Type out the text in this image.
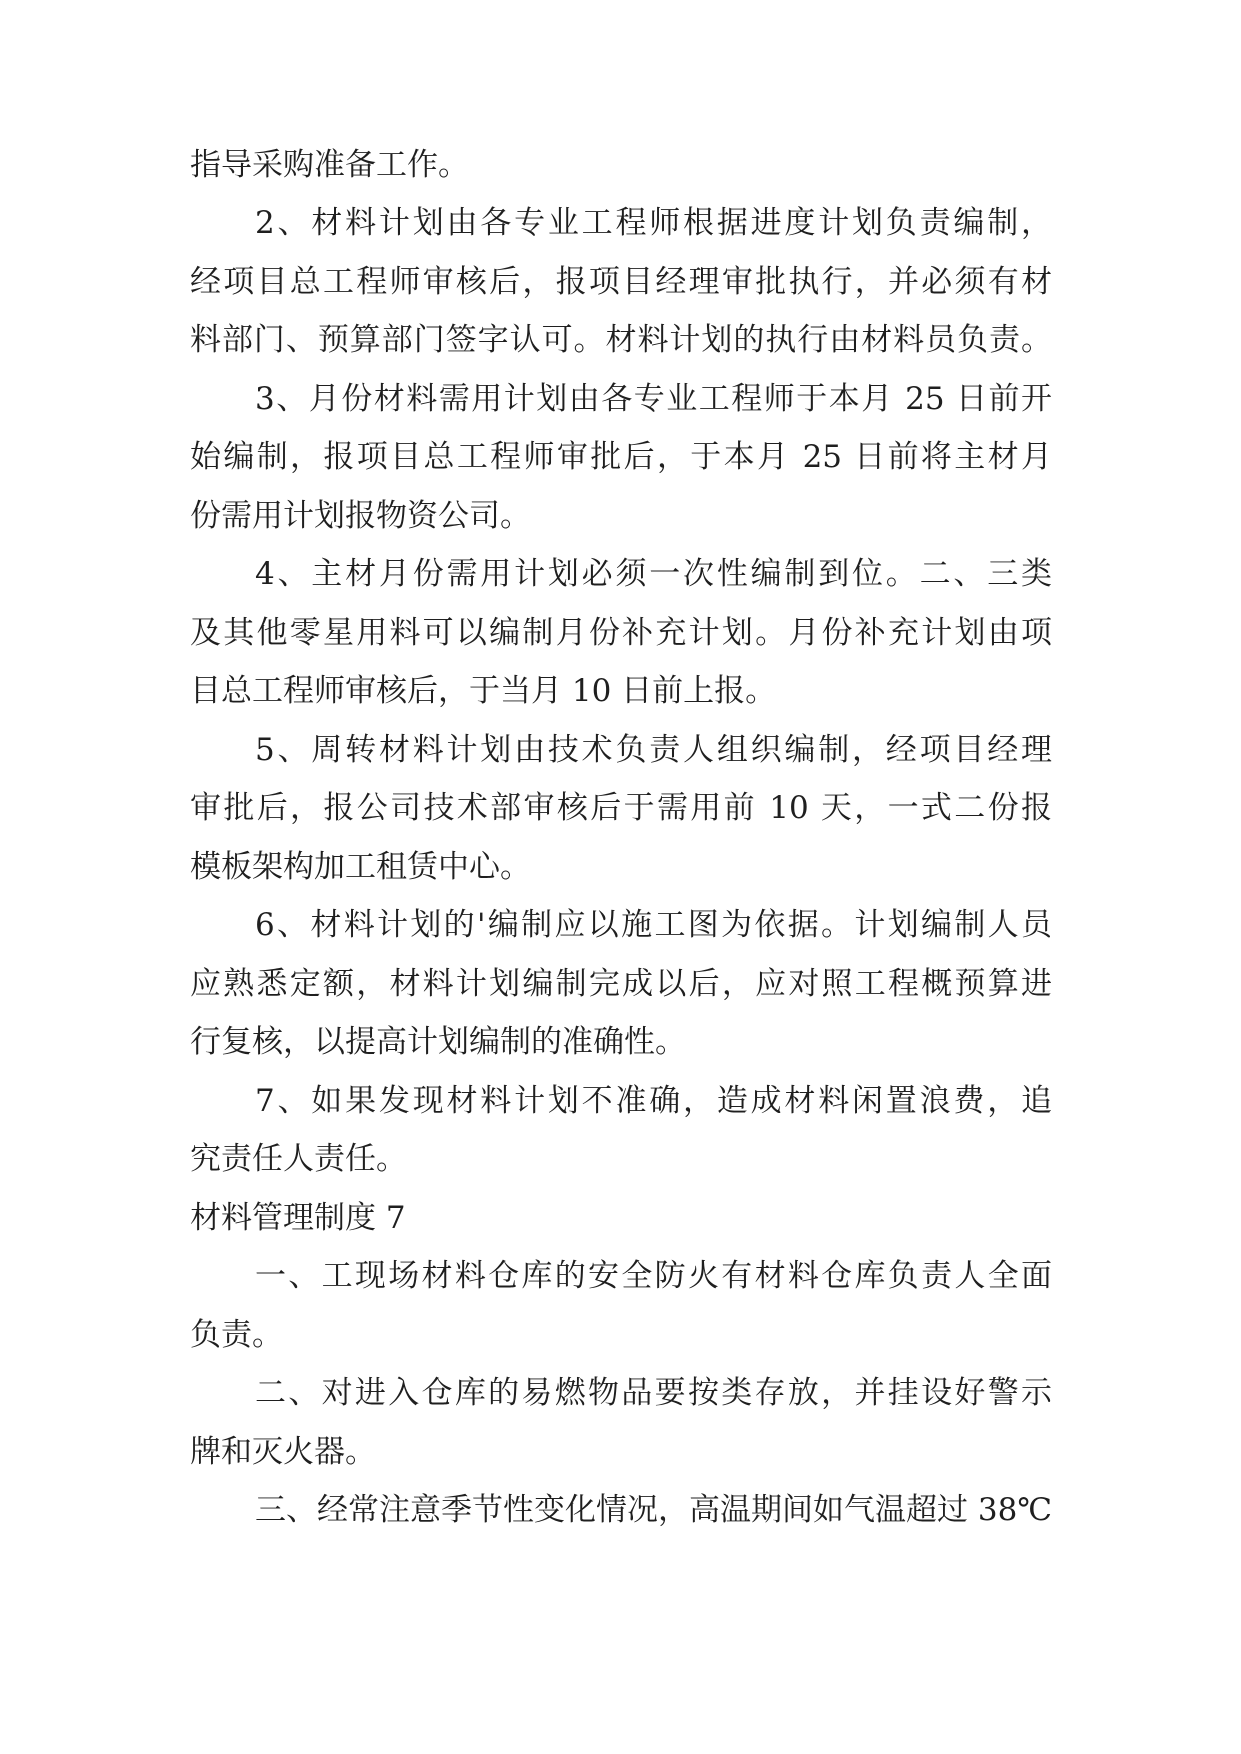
指导采购准备工作。
2、材料计划由各专业工程师根据进度计划负责编制，
经项目总工程师审核后，报项目经理审批执行，并必须有材
料部门、预算部门签字认可。材料计划的执行由材料员负责。
3、月份材料需用计划由各专业工程师于本月 25 日前开
始编制，报项目总工程师审批后，于本月 25 日前将主材月
份需用计划报物资公司。
4、主材月份需用计划必须一次性编制到位。二、三类
及其他零星用料可以编制月份补充计划。月份补充计划由项
目总工程师审核后，于当月 10 日前上报。
5、周转材料计划由技术负责人组织编制，经项目经理
审批后，报公司技术部审核后于需用前 10 天，一式二份报
模板架构加工租赁中心。
6、材料计划的'编制应以施工图为依据。计划编制人员
应熟悉定额，材料计划编制完成以后，应对照工程概预算进
行复核，以提高计划编制的准确性。
7、如果发现材料计划不准确，造成材料闲置浪费，追
究责任人责任。
材料管理制度 7
一、工现场材料仓库的安全防火有材料仓库负责人全面
负责。
二、对进入仓库的易燃物品要按类存放，并挂设好警示
牌和灭火器。
三、经常注意季节性变化情况，高温期间如气温超过 38℃
